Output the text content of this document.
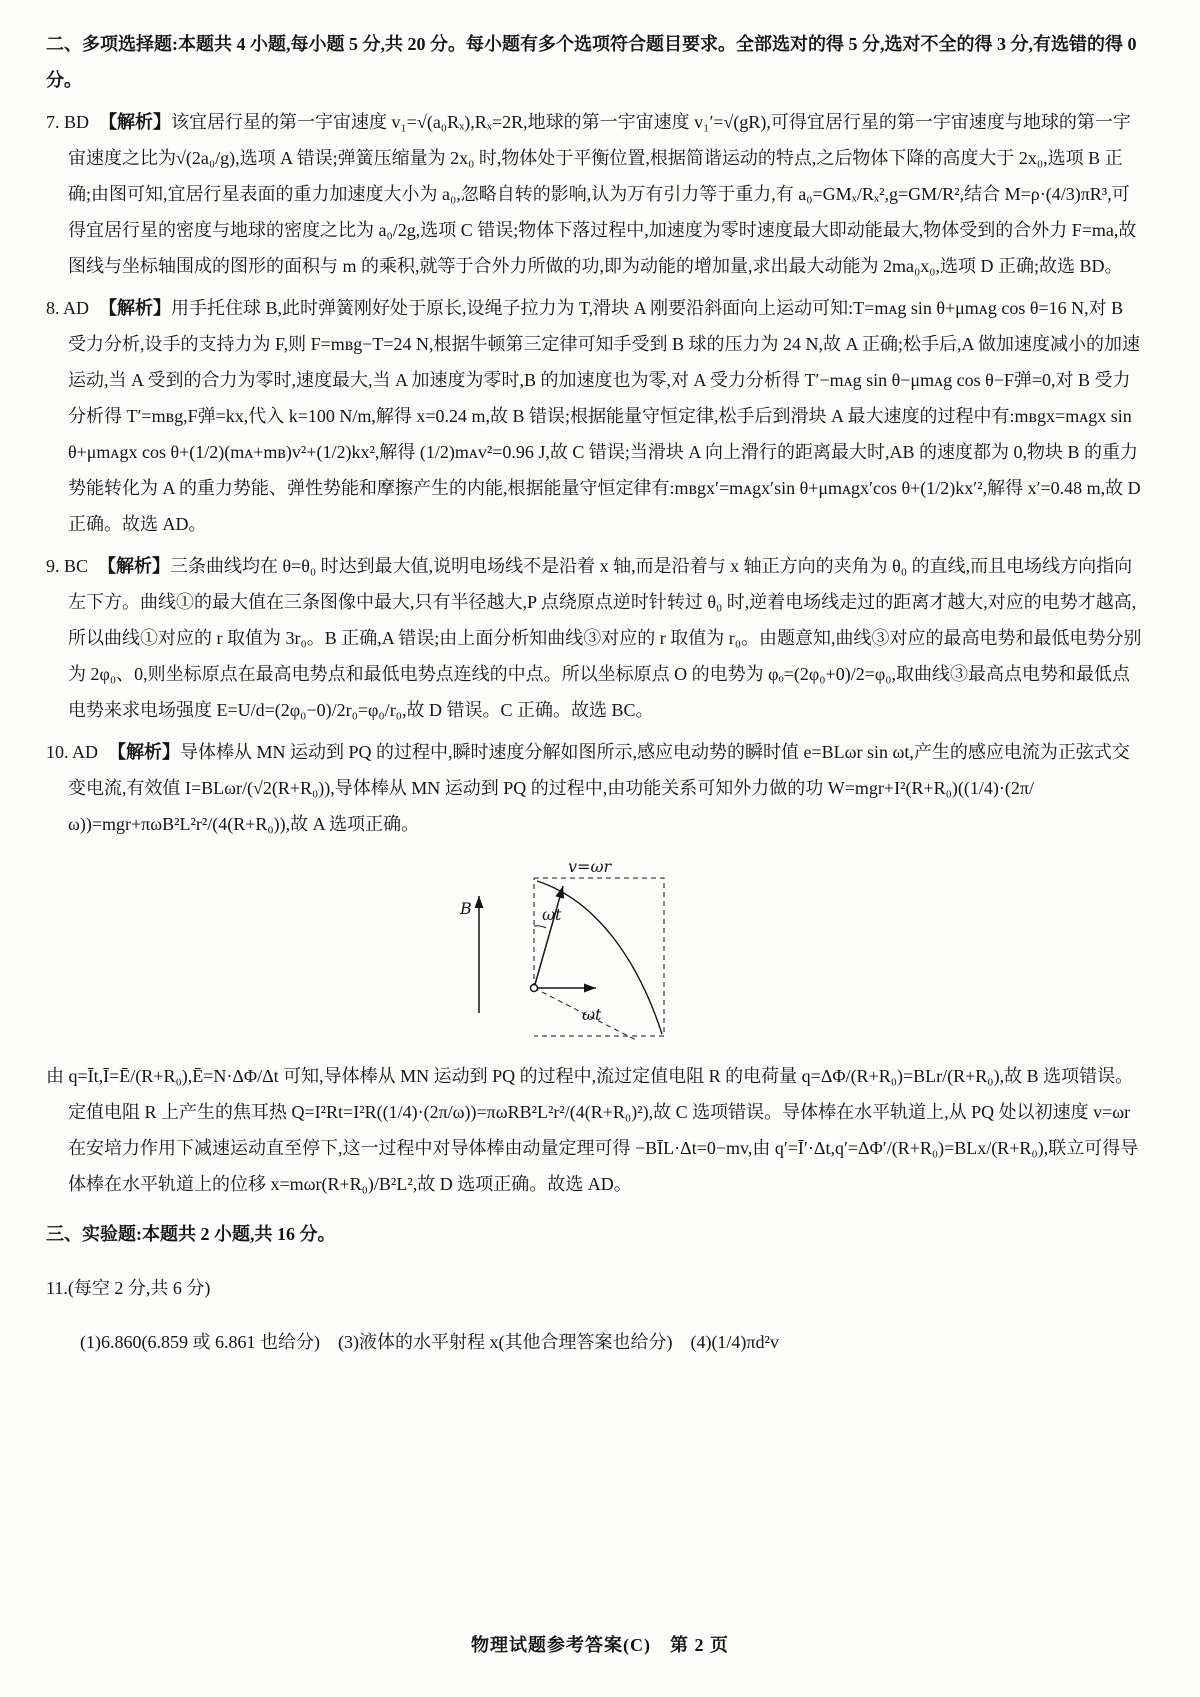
二、多项选择题:本题共 4 小题,每小题 5 分,共 20 分。每小题有多个选项符合题目要求。全部选对的得 5 分,选对不全的得 3 分,有选错的得 0 分。

7. BD 【解析】该宜居行星的第一宇宙速度 v₁=√(a₀Rₓ),Rₓ=2R,地球的第一宇宙速度 v₁′=√(gR),可得宜居行星的第一宇宙速度与地球的第一宇宙速度之比为√(2a₀/g),选项 A 错误;弹簧压缩量为 2x₀ 时,物体处于平衡位置,根据简谐运动的特点,之后物体下降的高度大于 2x₀,选项 B 正确;由图可知,宜居行星表面的重力加速度大小为 a₀,忽略自转的影响,认为万有引力等于重力,有 a₀=GMₓ/Rₓ²,g=GM/R²,结合 M=ρ·(4/3)πR³,可得宜居行星的密度与地球的密度之比为 a₀/2g,选项 C 错误;物体下落过程中,加速度为零时速度最大即动能最大,物体受到的合外力 F=ma,故图线与坐标轴围成的图形的面积与 m 的乘积,就等于合外力所做的功,即为动能的增加量,求出最大动能为 2ma₀x₀,选项 D 正确;故选 BD。

8. AD 【解析】用手托住球 B,此时弹簧刚好处于原长,设绳子拉力为 T,滑块 A 刚要沿斜面向上运动可知:T=mᴀg sin θ+μmᴀg cos θ=16 N,对 B 受力分析,设手的支持力为 F,则 F=mʙg−T=24 N,根据牛顿第三定律可知手受到 B 球的压力为 24 N,故 A 正确;松手后,A 做加速度减小的加速运动,当 A 受到的合力为零时,速度最大,当 A 加速度为零时,B 的加速度也为零,对 A 受力分析得 T′−mᴀg sin θ−μmᴀg cos θ−F弹=0,对 B 受力分析得 T′=mʙg,F弹=kx,代入 k=100 N/m,解得 x=0.24 m,故 B 错误;根据能量守恒定律,松手后到滑块 A 最大速度的过程中有:mʙgx=mᴀgx sin θ+μmᴀgx cos θ+(1/2)(mᴀ+mʙ)v²+(1/2)kx²,解得 (1/2)mᴀv²=0.96 J,故 C 错误;当滑块 A 向上滑行的距离最大时,AB 的速度都为 0,物块 B 的重力势能转化为 A 的重力势能、弹性势能和摩擦产生的内能,根据能量守恒定律有:mʙgx′=mᴀgx′sin θ+μmᴀgx′cos θ+(1/2)kx′²,解得 x′=0.48 m,故 D 正确。故选 AD。

9. BC 【解析】三条曲线均在 θ=θ₀ 时达到最大值,说明电场线不是沿着 x 轴,而是沿着与 x 轴正方向的夹角为 θ₀ 的直线,而且电场线方向指向左下方。曲线①的最大值在三条图像中最大,只有半径越大,P 点绕原点逆时针转过 θ₀ 时,逆着电场线走过的距离才越大,对应的电势才越高,所以曲线①对应的 r 取值为 3r₀。B 正确,A 错误;由上面分析知曲线③对应的 r 取值为 r₀。由题意知,曲线③对应的最高电势和最低电势分别为 2φ₀、0,则坐标原点在最高电势点和最低电势点连线的中点。所以坐标原点 O 的电势为 φₒ=(2φ₀+0)/2=φ₀,取曲线③最高点电势和最低点电势来求电场强度 E=U/d=(2φ₀−0)/2r₀=φ₀/r₀,故 D 错误。C 正确。故选 BC。

10. AD 【解析】导体棒从 MN 运动到 PQ 的过程中,瞬时速度分解如图所示,感应电动势的瞬时值 e=BLωr sin ωt,产生的感应电流为正弦式交变电流,有效值 I=BLωr/(√2(R+R₀)),导体棒从 MN 运动到 PQ 的过程中,由功能关系可知外力做的功 W=mgr+I²(R+R₀)((1/4)·(2π/ω))=mgr+πωB²L²r²/(4(R+R₀)),故 A 选项正确。

B
v=ωr
ωt
ωt

由 q=Īt,Ī=Ē/(R+R₀),Ē=N·ΔΦ/Δt 可知,导体棒从 MN 运动到 PQ 的过程中,流过定值电阻 R 的电荷量 q=ΔΦ/(R+R₀)=BLr/(R+R₀),故 B 选项错误。定值电阻 R 上产生的焦耳热 Q=I²Rt=I²R((1/4)·(2π/ω))=πωRB²L²r²/(4(R+R₀)²),故 C 选项错误。导体棒在水平轨道上,从 PQ 处以初速度 v=ωr 在安培力作用下减速运动直至停下,这一过程中对导体棒由动量定理可得 −BĪL·Δt=0−mv,由 q′=Ī′·Δt,q′=ΔΦ′/(R+R₀)=BLx/(R+R₀),联立可得导体棒在水平轨道上的位移 x=mωr(R+R₀)/B²L²,故 D 选项正确。故选 AD。

三、实验题:本题共 2 小题,共 16 分。

11.(每空 2 分,共 6 分)

(1)6.860(6.859 或 6.861 也给分)　(3)液体的水平射程 x(其他合理答案也给分)　(4)(1/4)πd²v

物理试题参考答案(C)　第 2 页
